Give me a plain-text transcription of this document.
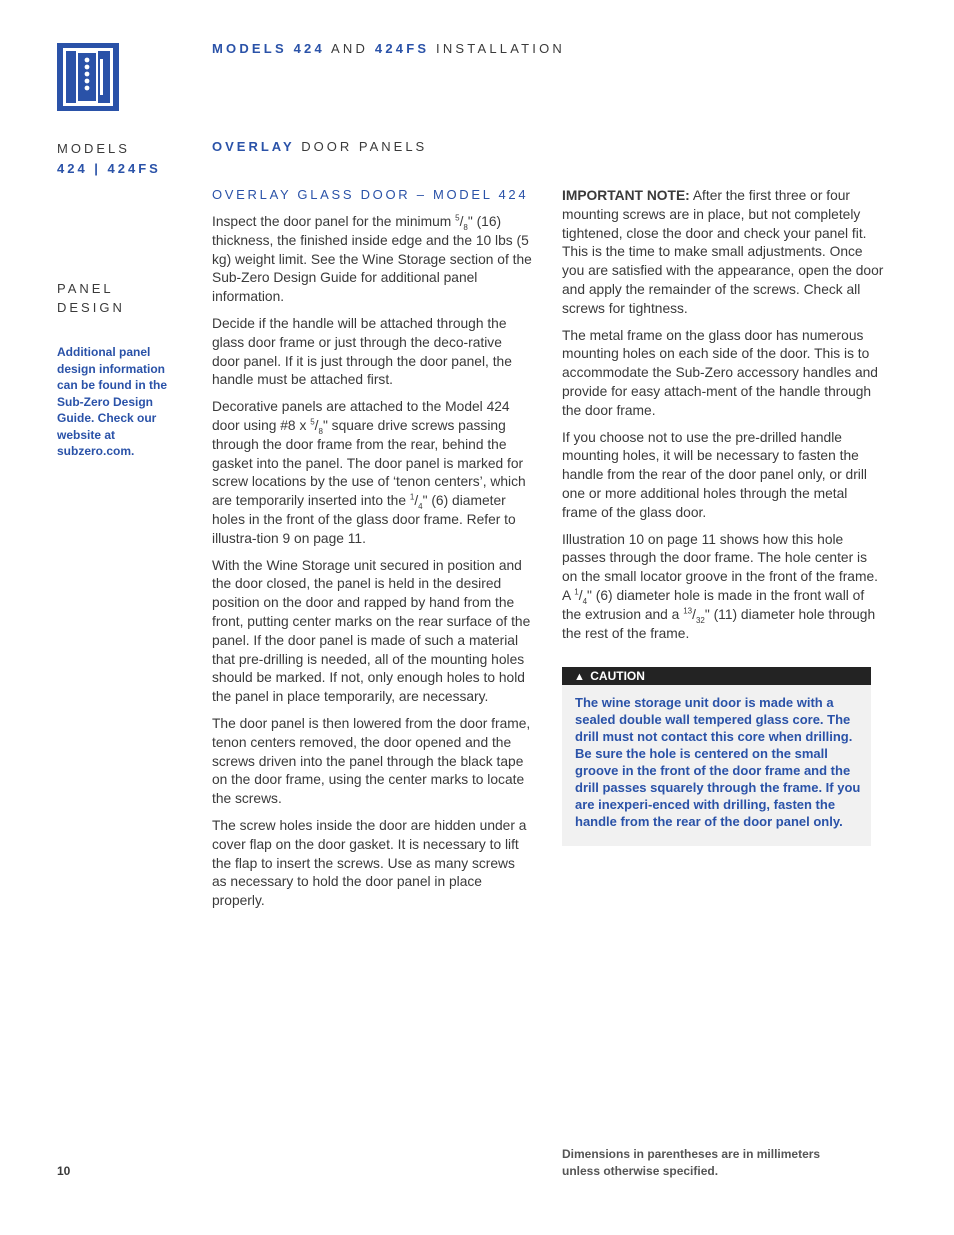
MODELS 424 AND 424FS INSTALLATION
MODELS
424 | 424FS
OVERLAY DOOR PANELS
PANEL
DESIGN
Additional panel design information can be found in the Sub-Zero Design Guide. Check our website at subzero.com.
OVERLAY GLASS DOOR – MODEL 424

Inspect the door panel for the minimum $^5/_8$" (16) thickness, the finished inside edge and the 10 lbs (5 kg) weight limit. See the Wine Storage section of the Sub-Zero Design Guide for additional panel information.

Decide if the handle will be attached through the glass door frame or just through the deco-rative door panel. If it is just through the door panel, the handle must be attached first.

Decorative panels are attached to the Model 424 door using #8 x $^5/_8$" square drive screws passing through the door frame from the rear, behind the gasket into the panel. The door panel is marked for screw locations by the use of ‘tenon centers’, which are temporarily inserted into the $^1/_4$" (6) diameter holes in the front of the glass door frame. Refer to illustra-tion 9 on page 11.

With the Wine Storage unit secured in position and the door closed, the panel is held in the desired position on the door and rapped by hand from the front, putting center marks on the rear surface of the panel. If the door panel is made of such a material that pre-drilling is needed, all of the mounting holes should be marked. If not, only enough holes to hold the panel in place temporarily, are necessary.

The door panel is then lowered from the door frame, tenon centers removed, the door opened and the screws driven into the panel through the black tape on the door frame, using the center marks to locate the screws.

The screw holes inside the door are hidden under a cover flap on the door gasket. It is necessary to lift the flap to insert the screws. Use as many screws as necessary to hold the door panel in place properly.

IMPORTANT NOTE: After the first three or four mounting screws are in place, but not completely tightened, close the door and check your panel fit. This is the time to make small adjustments. Once you are satisfied with the appearance, open the door and apply the remainder of the screws. Check all screws for tightness.

The metal frame on the glass door has numerous mounting holes on each side of the door. This is to accommodate the Sub-Zero accessory handles and provide for easy attach-ment of the handle through the door frame.

If you choose not to use the pre-drilled handle mounting holes, it will be necessary to fasten the handle from the rear of the door panel only, or drill one or more additional holes through the metal frame of the glass door.

Illustration 10 on page 11 shows how this hole passes through the door frame. The hole center is on the small locator groove in the front of the frame. A $^1/_4$" (6) diameter hole is made in the front wall of the extrusion and a $^{13}/_{32}$" (11) diameter hole through the rest of the frame.

▲ CAUTION
The wine storage unit door is made with a sealed double wall tempered glass core. The drill must not contact this core when drilling. Be sure the hole is centered on the small groove in the front of the door frame and the drill passes squarely through the frame. If you are inexperi-enced with drilling, fasten the handle from the rear of the door panel only.
10
Dimensions in parentheses are in millimeters unless otherwise specified.
